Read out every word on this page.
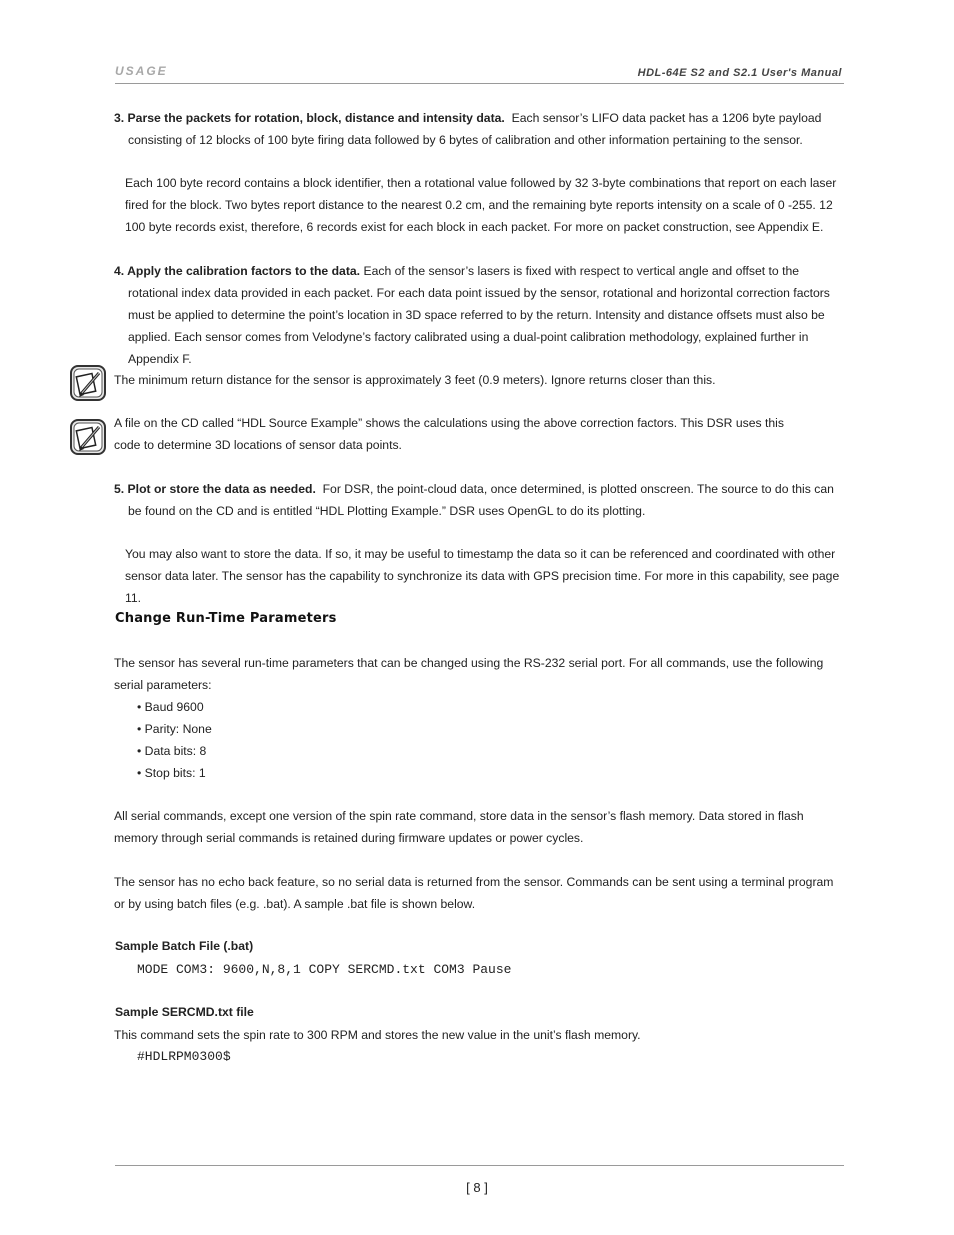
USAGE	HDL-64E S2 and S2.1 User's Manual
3. Parse the packets for rotation, block, distance and intensity data. Each sensor’s LIFO data packet has a 1206 byte payload consisting of 12 blocks of 100 byte firing data followed by 6 bytes of calibration and other information pertaining to the sensor.
Each 100 byte record contains a block identifier, then a rotational value followed by 32 3-byte combinations that report on each laser fired for the block. Two bytes report distance to the nearest 0.2 cm, and the remaining byte reports intensity on a scale of 0 -255. 12 100 byte records exist, therefore, 6 records exist for each block in each packet. For more on packet construction, see Appendix E.
4. Apply the calibration factors to the data. Each of the sensor’s lasers is fixed with respect to vertical angle and offset to the rotational index data provided in each packet. For each data point issued by the sensor, rotational and horizontal correction factors must be applied to determine the point’s location in 3D space referred to by the return. Intensity and distance offsets must also be applied. Each sensor comes from Velodyne’s factory calibrated using a dual-point calibration methodology, explained further in Appendix F.
The minimum return distance for the sensor is approximately 3 feet (0.9 meters). Ignore returns closer than this.
A file on the CD called “HDL Source Example” shows the calculations using the above correction factors. This DSR uses this code to determine 3D locations of sensor data points.
5. Plot or store the data as needed. For DSR, the point-cloud data, once determined, is plotted onscreen. The source to do this can be found on the CD and is entitled “HDL Plotting Example.” DSR uses OpenGL to do its plotting.
You may also want to store the data. If so, it may be useful to timestamp the data so it can be referenced and coordinated with other sensor data later. The sensor has the capability to synchronize its data with GPS precision time. For more in this capability, see page 11.
Change Run-Time Parameters
The sensor has several run-time parameters that can be changed using the RS-232 serial port. For all commands, use the following
serial parameters:
• Baud 9600
• Parity: None
• Data bits: 8
• Stop bits: 1
All serial commands, except one version of the spin rate command, store data in the sensor’s flash memory. Data stored in flash memory through serial commands is retained during firmware updates or power cycles.
The sensor has no echo back feature, so no serial data is returned from the sensor. Commands can be sent using a terminal program or by using batch files (e.g. .bat). A sample .bat file is shown below.
Sample Batch File (.bat)
MODE COM3: 9600,N,8,1 COPY SERCMD.txt COM3 Pause
Sample SERCMD.txt file
This command sets the spin rate to 300 RPM and stores the new value in the unit’s flash memory.
#HDLRPM0300$
[ 8 ]
